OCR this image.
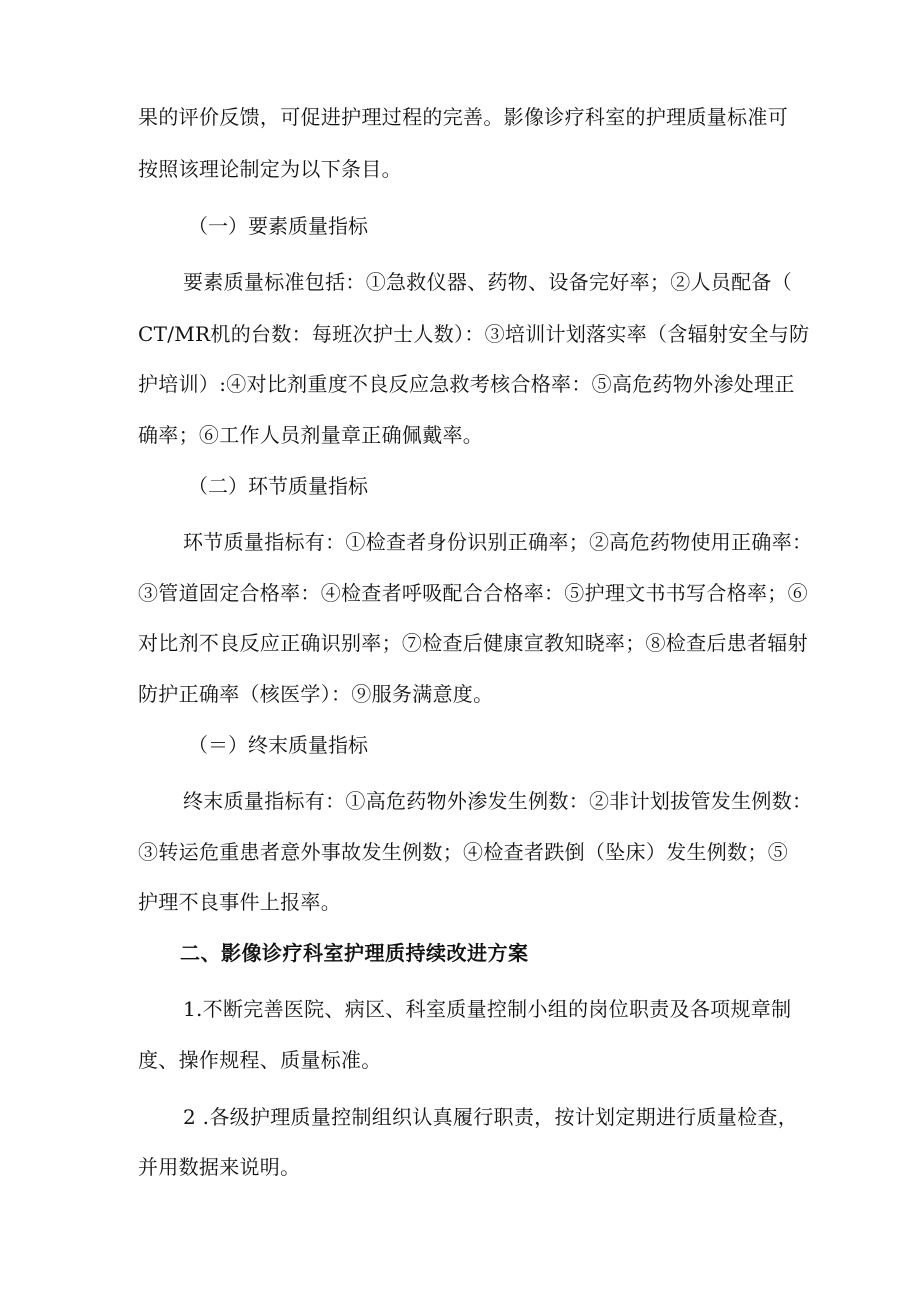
果的评价反馈，可促进护理过程的完善。影像诊疗科室的护理质量标准可
按照该理论制定为以下条目。
（一）要素质量指标
要素质量标准包括：①急救仪器、药物、设备完好率；②人员配备（
CT/MR机的台数：每班次护士人数）：③培训计划落实率（含辐射安全与防
护培训）:④对比剂重度不良反应急救考核合格率：⑤高危药物外渗处理正
确率；⑥工作人员剂量章正确佩戴率。
（二）环节质量指标
环节质量指标有：①检查者身份识别正确率；②高危药物使用正确率：
③管道固定合格率：④检查者呼吸配合合格率：⑤护理文书书写合格率；⑥
对比剂不良反应正确识别率；⑦检查后健康宣教知晓率；⑧检查后患者辐射
防护正确率（核医学）：⑨服务满意度。
（＝）终末质量指标
终末质量指标有：①高危药物外渗发生例数：②非计划拔管发生例数：
③转运危重患者意外事故发生例数；④检查者跌倒（坠床）发生例数；⑤
护理不良事件上报率。
二、影像诊疗科室护理质持续改进方案
1.不断完善医院、病区、科室质量控制小组的岗位职责及各项规章制
度、操作规程、质量标准。
2 .各级护理质量控制组织认真履行职责，按计划定期进行质量检查，
并用数据来说明。
